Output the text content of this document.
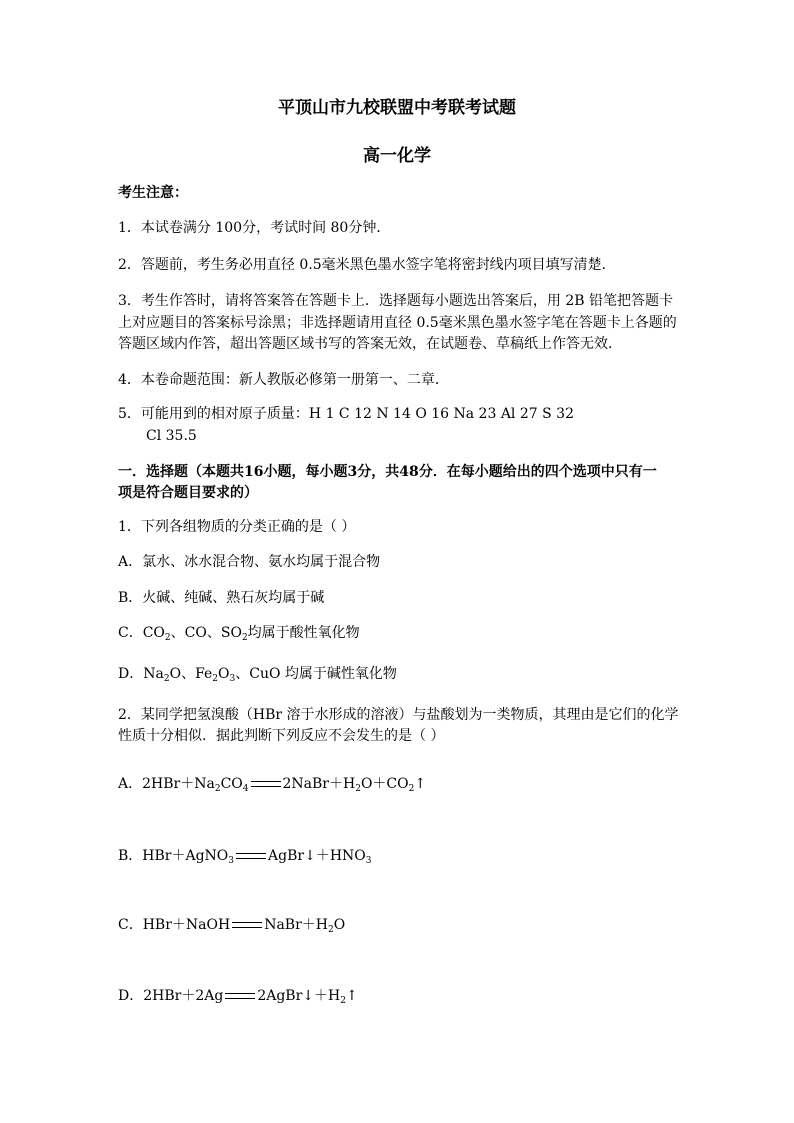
平顶山市九校联盟中考联考试题
高一化学
考生注意：
1．本试卷满分 100分，考试时间 80分钟．
2．答题前，考生务必用直径 0.5毫米黑色墨水签字笔将密封线内项目填写清楚．
3．考生作答时，请将答案答在答题卡上．选择题每小题选出答案后，用 2B 铅笔把答题卡
上对应题目的答案标号涂黑；非选择题请用直径 0.5毫米黑色墨水签字笔在答题卡上各题的
答题区域内作答，超出答题区域书写的答案无效，在试题卷、草稿纸上作答无效．
4．本卷命题范围：新人教版必修第一册第一、二章．
5．可能用到的相对原子质量：H 1 C 12 N 14 O 16 Na 23 Al 27 S 32
Cl 35.5
一．选择题（本题共16小题，每小题3分，共48分．在每小题给出的四个选项中只有一
项是符合题目要求的）
1．下列各组物质的分类正确的是（ ）
A．氯水、冰水混合物、氨水均属于混合物
B．火碱、纯碱、熟石灰均属于碱
C．$CO_2$、CO、$SO_2$均属于酸性氧化物
D．$Na_2O$、$Fe_2O_3$、CuO 均属于碱性氧化物
2．某同学把氢溴酸（HBr 溶于水形成的溶液）与盐酸划为一类物质，其理由是它们的化学
性质十分相似．据此判断下列反应不会发生的是（ ）
A．$2HBr+Na_2CO_4$ $2NaBr+H_2O+CO_2↑$
B．HBr＋AgNO$_3$ $AgBr↓+HNO_3$
C．HBr＋NaOH $NaBr+H_2O$
D．2HBr＋2Ag $2AgBr↓+H_2↑$
